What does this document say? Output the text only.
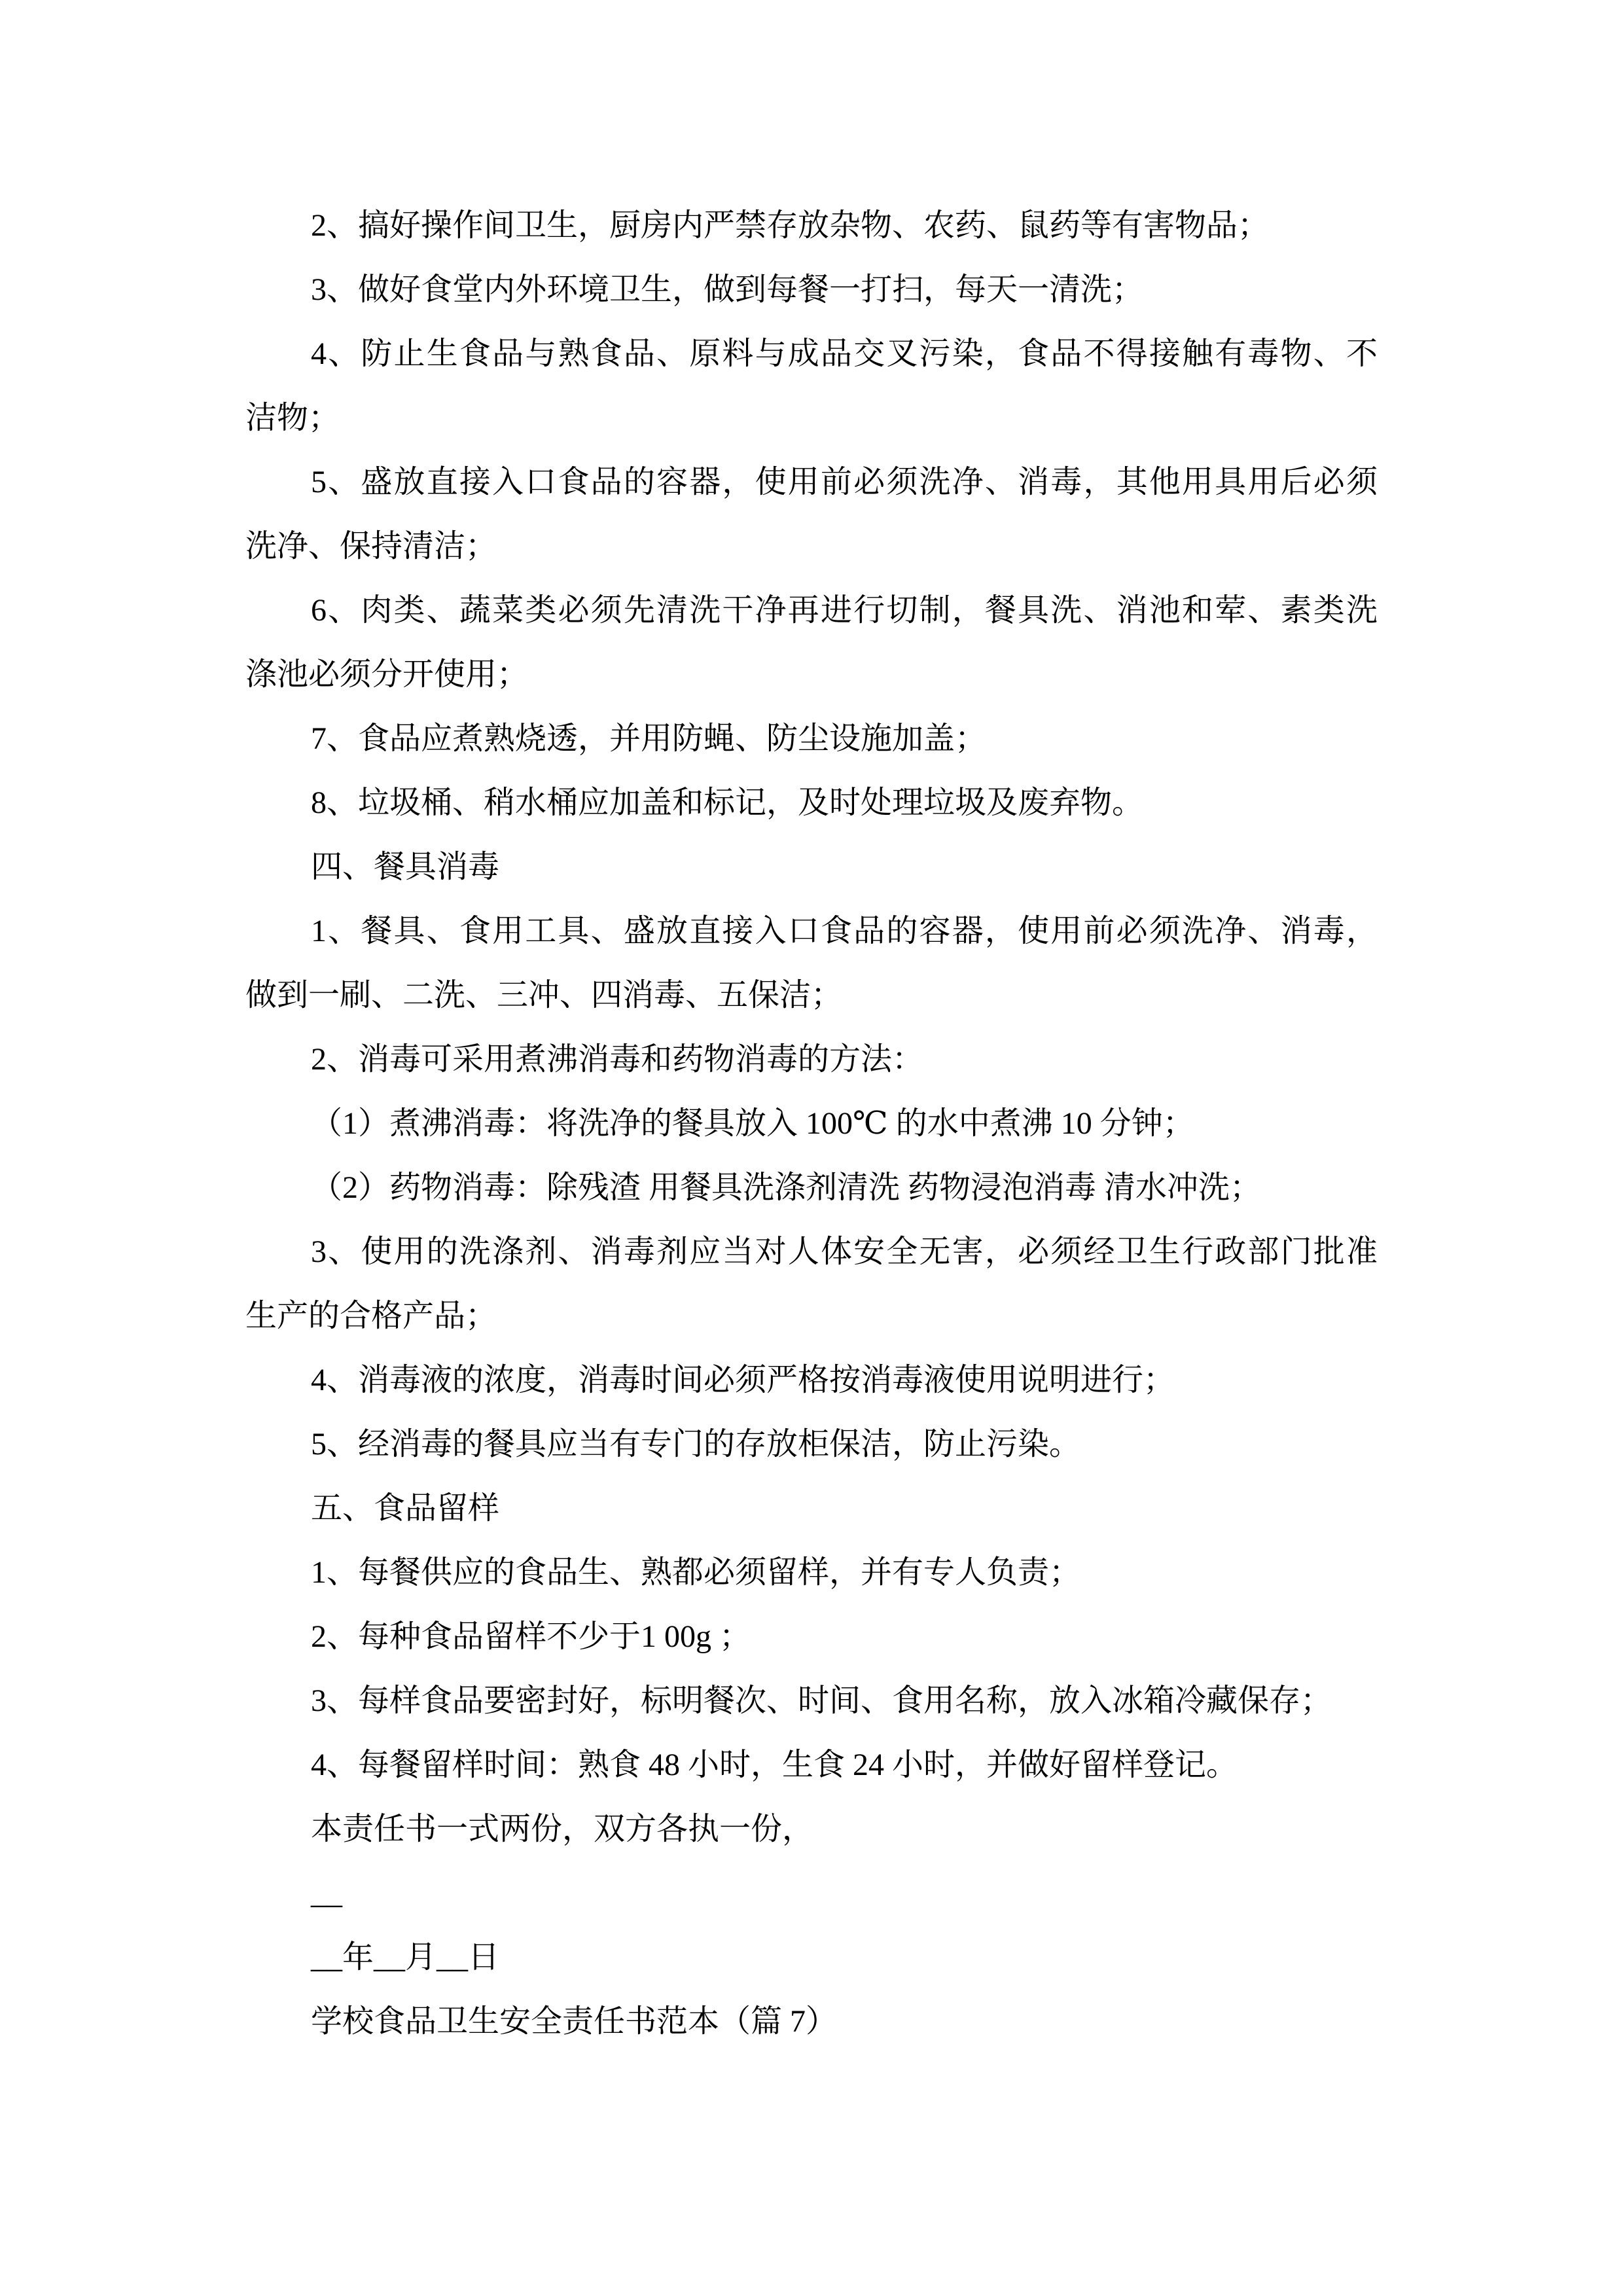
2、搞好操作间卫生，厨房内严禁存放杂物、农药、鼠药等有害物品；
3、做好食堂内外环境卫生，做到每餐一打扫，每天一清洗；
4、防止生食品与熟食品、原料与成品交叉污染，食品不得接触有毒物、不
洁物；
5、盛放直接入口食品的容器，使用前必须洗净、消毒，其他用具用后必须
洗净、保持清洁；
6、肉类、蔬菜类必须先清洗干净再进行切制，餐具洗、消池和荤、素类洗
涤池必须分开使用；
7、食品应煮熟烧透，并用防蝇、防尘设施加盖；
8、垃圾桶、稍水桶应加盖和标记，及时处理垃圾及废弃物。
四、餐具消毒
1、餐具、食用工具、盛放直接入口食品的容器，使用前必须洗净、消毒，
做到一刷、二洗、三冲、四消毒、五保洁；
2、消毒可采用煮沸消毒和药物消毒的方法：
（1）煮沸消毒：将洗净的餐具放入 100℃ 的水中煮沸 10 分钟；
（2）药物消毒：除残渣 用餐具洗涤剂清洗 药物浸泡消毒 清水冲洗；
3、使用的洗涤剂、消毒剂应当对人体安全无害，必须经卫生行政部门批准
生产的合格产品；
4、消毒液的浓度，消毒时间必须严格按消毒液使用说明进行；
5、经消毒的餐具应当有专门的存放柜保洁，防止污染。
五、食品留样
1、每餐供应的食品生、熟都必须留样，并有专人负责；
2、每种食品留样不少于1 00g ；
3、每样食品要密封好，标明餐次、时间、食用名称，放入冰箱冷藏保存；
4、每餐留样时间：熟食 48 小时，生食 24 小时，并做好留样登记。
本责任书一式两份，双方各执一份，
__
__年__月__日
学校食品卫生安全责任书范本（篇 7）
